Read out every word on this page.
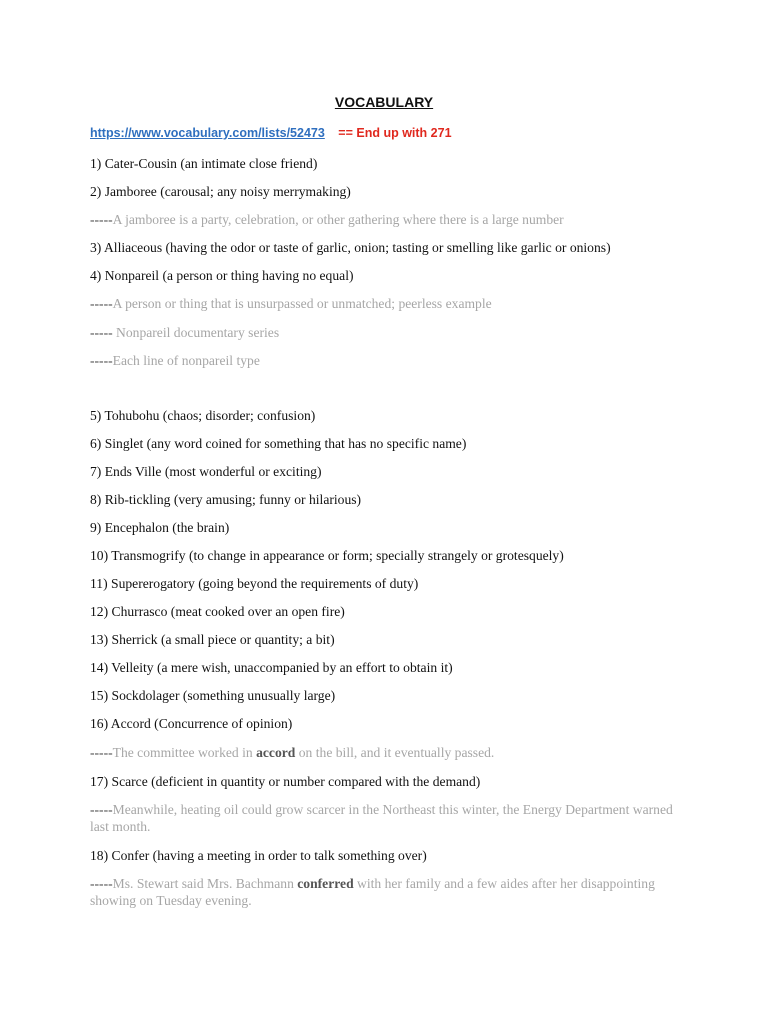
VOCABULARY
https://www.vocabulary.com/lists/52473 == End up with 271
1) Cater-Cousin (an intimate close friend)
2) Jamboree (carousal; any noisy merrymaking)
-----A jamboree is a party, celebration, or other gathering where there is a large number
3) Alliaceous (having the odor or taste of garlic, onion; tasting or smelling like garlic or onions)
4) Nonpareil (a person or thing having no equal)
-----A person or thing that is unsurpassed or unmatched; peerless example
----- Nonpareil documentary series
-----Each line of nonpareil type
5) Tohubohu (chaos; disorder; confusion)
6) Singlet (any word coined for something that has no specific name)
7) Ends Ville (most wonderful or exciting)
8) Rib-tickling (very amusing; funny or hilarious)
9) Encephalon (the brain)
10) Transmogrify (to change in appearance or form; specially strangely or grotesquely)
11) Supererogatory (going beyond the requirements of duty)
12) Churrasco (meat cooked over an open fire)
13) Sherrick (a small piece or quantity; a bit)
14) Velleity (a mere wish, unaccompanied by an effort to obtain it)
15) Sockdolager (something unusually large)
16) Accord (Concurrence of opinion)
-----The committee worked in accord on the bill, and it eventually passed.
17) Scarce (deficient in quantity or number compared with the demand)
-----Meanwhile, heating oil could grow scarcer in the Northeast this winter, the Energy Department warned last month.
18) Confer (having a meeting in order to talk something over)
-----Ms. Stewart said Mrs. Bachmann conferred with her family and a few aides after her disappointing showing on Tuesday evening.
